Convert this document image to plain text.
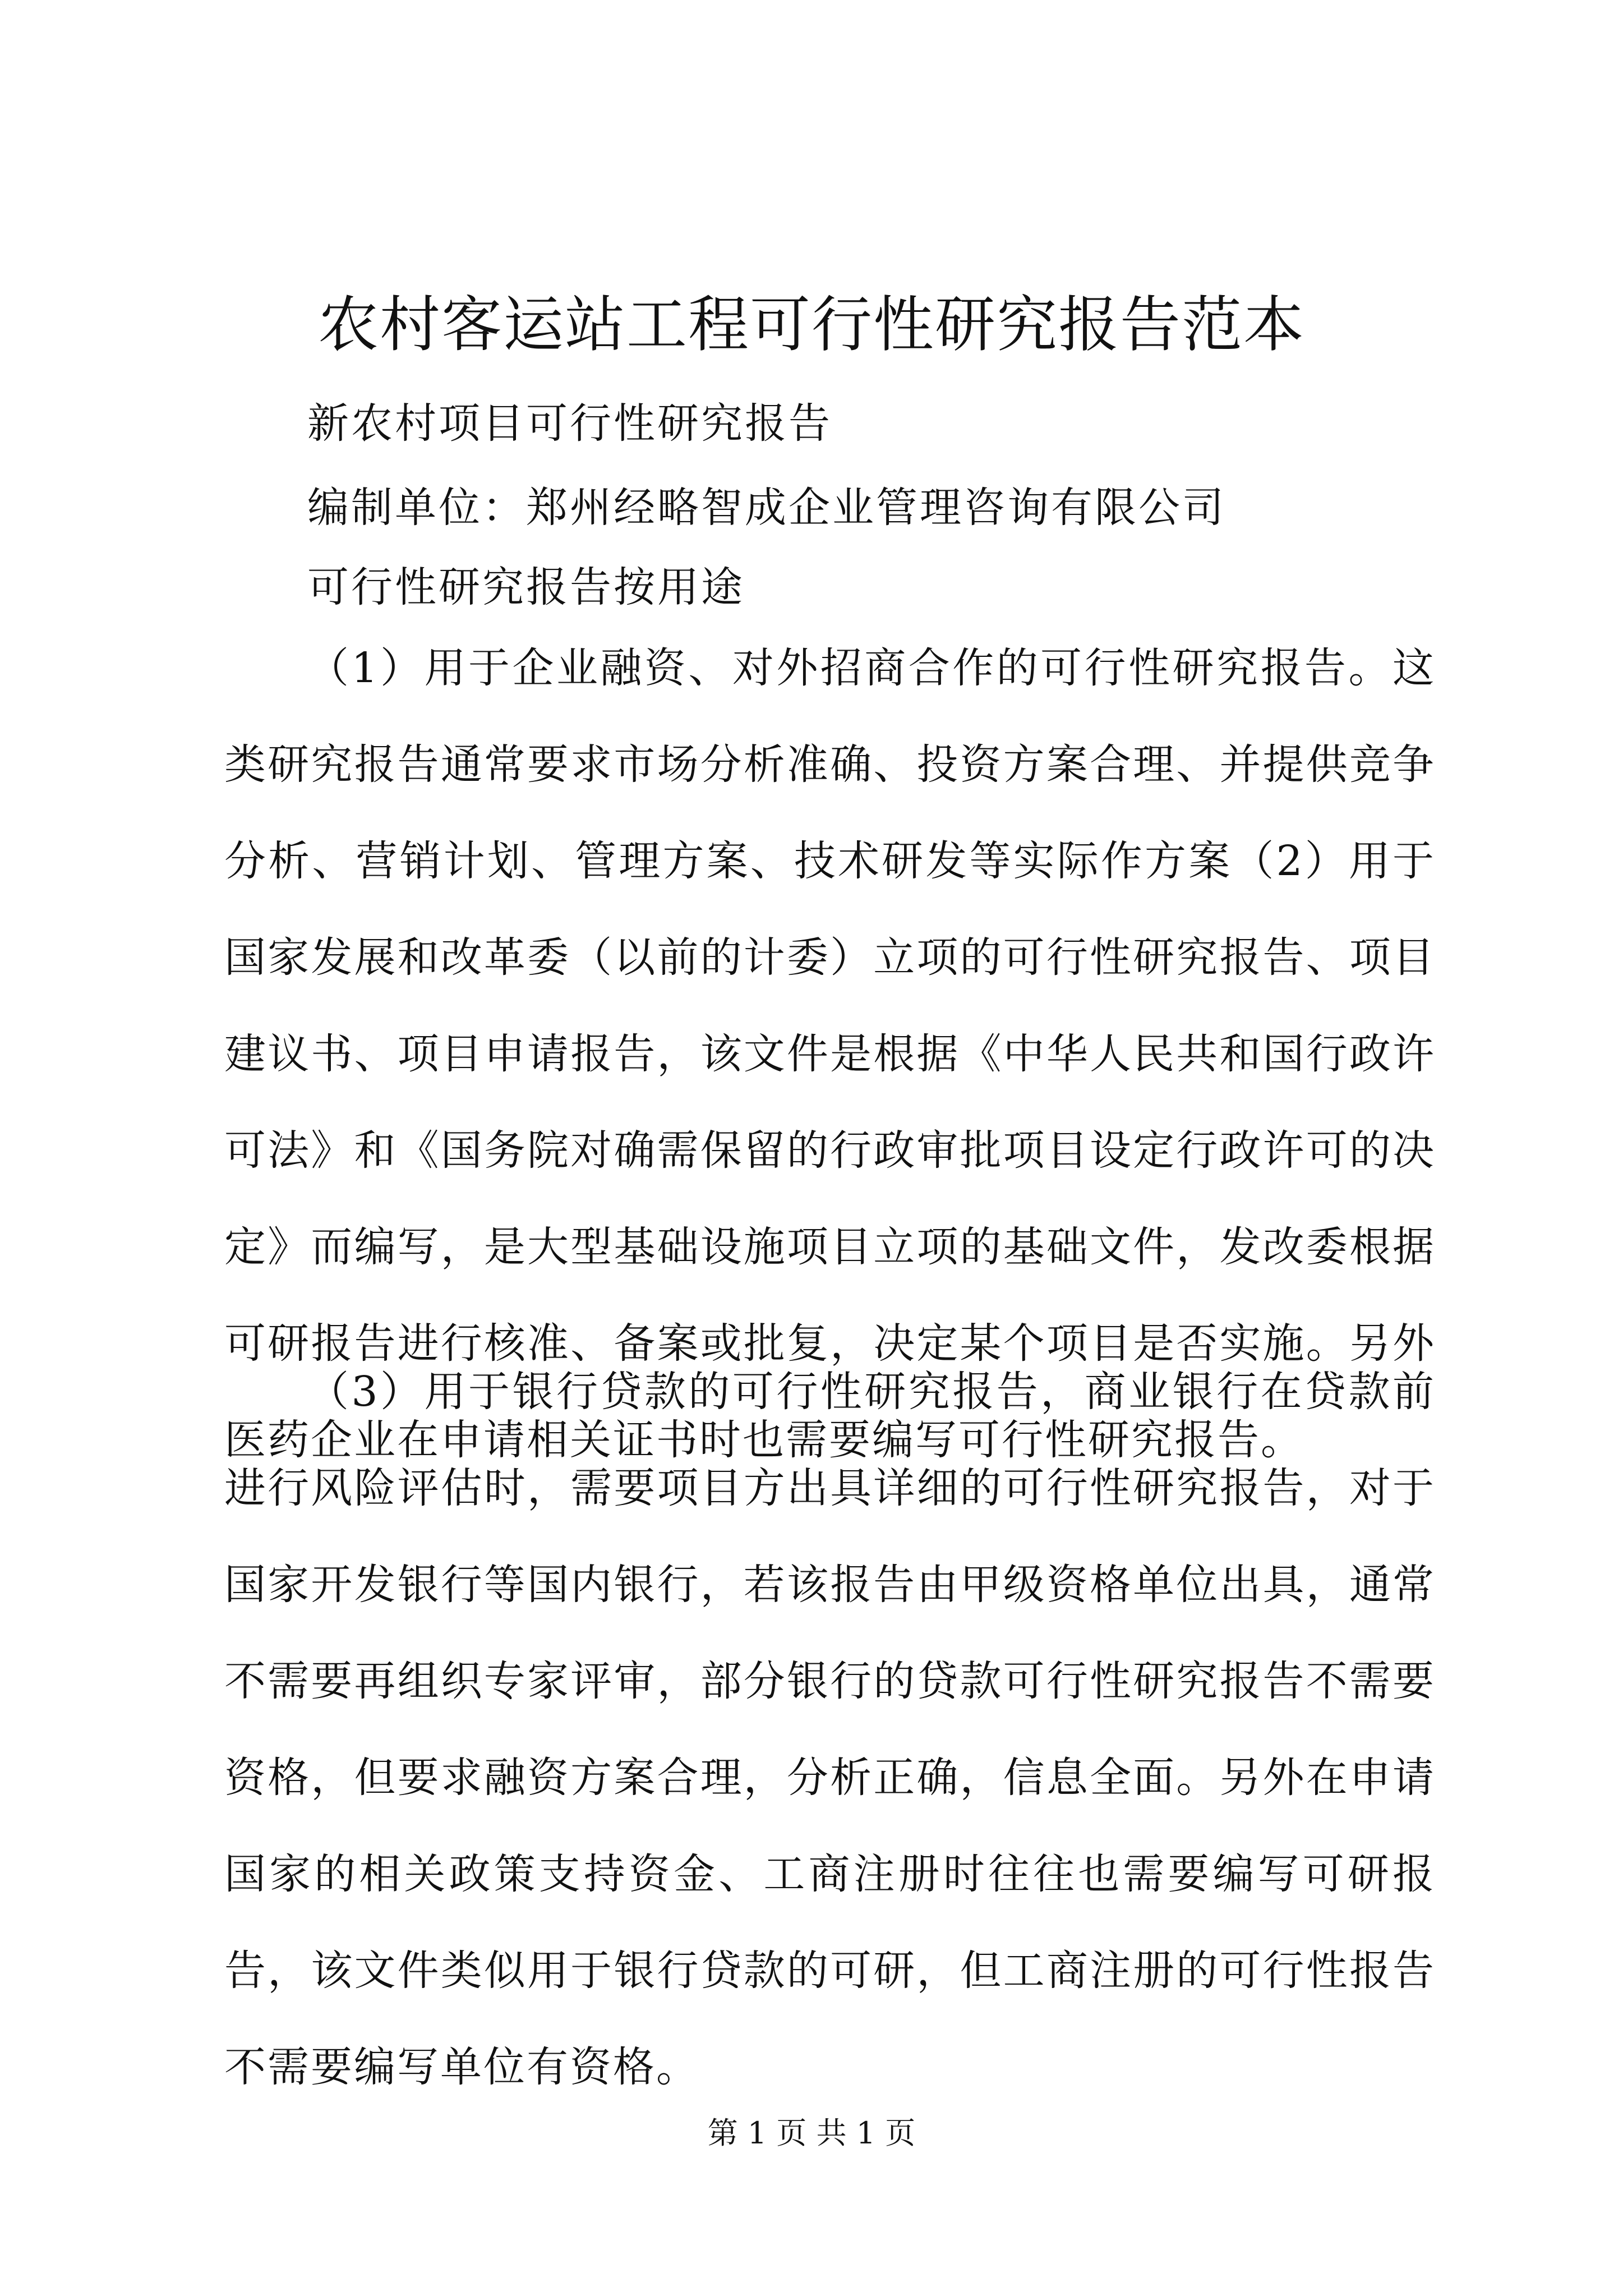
农村客运站工程可行性研究报告范本
新农村项目可行性研究报告
编制单位：郑州经略智成企业管理咨询有限公司
可行性研究报告按用途

（1）用于企业融资、对外招商合作的可行性研究报告。这类研究报告通常要求市场分析准确、投资方案合理、并提供竞争分析、营销计划、管理方案、技术研发等实际作方案（2）用于国家发展和改革委（以前的计委）立项的可行性研究报告、项目建议书、项目申请报告，该文件是根据《中华人民共和国行政许可法》和《国务院对确需保留的行政审批项目设定行政许可的决定》而编写，是大型基础设施项目立项的基础文件，发改委根据可研报告进行核准、备案或批复，决定某个项目是否实施。另外医药企业在申请相关证书时也需要编写可行性研究报告。

（3）用于银行贷款的可行性研究报告，商业银行在贷款前进行风险评估时，需要项目方出具详细的可行性研究报告，对于国家开发银行等国内银行，若该报告由甲级资格单位出具，通常不需要再组织专家评审，部分银行的贷款可行性研究报告不需要资格，但要求融资方案合理，分析正确，信息全面。另外在申请国家的相关政策支持资金、工商注册时往往也需要编写可研报告，该文件类似用于银行贷款的可研，但工商注册的可行性报告不需要编写单位有资格。

第 1 页 共 1 页
